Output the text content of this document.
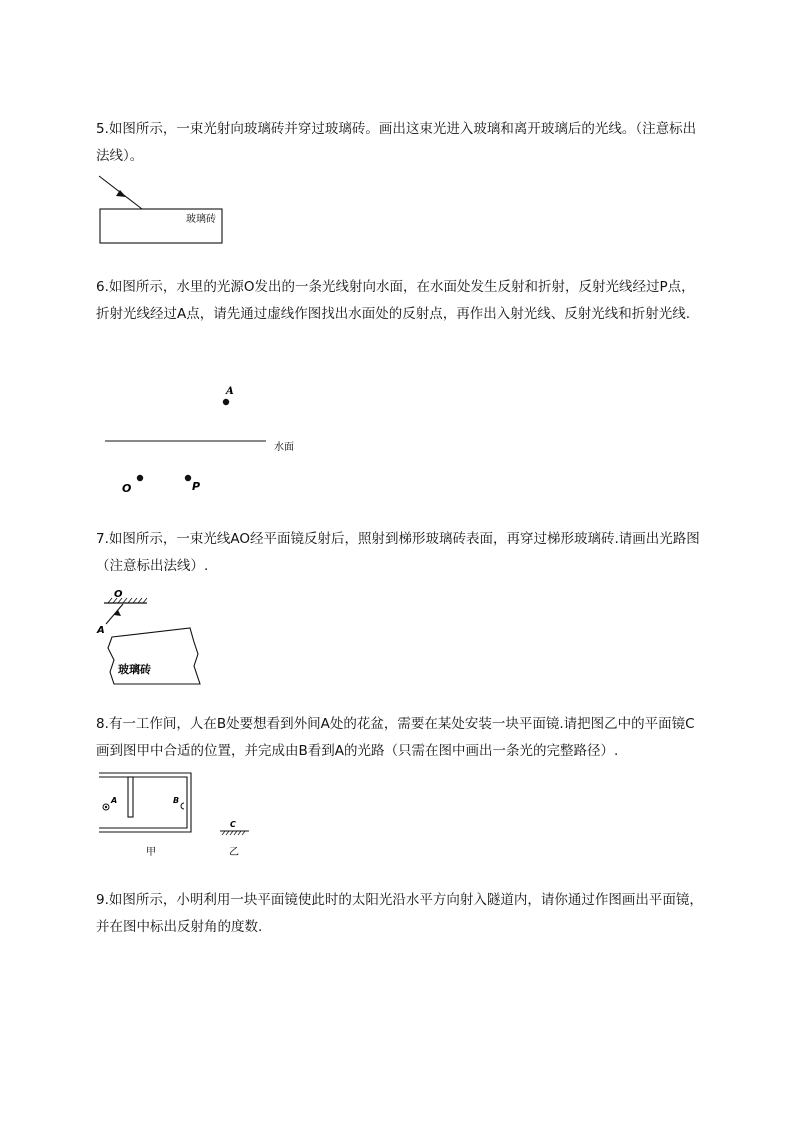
5.如图所示，一束光射向玻璃砖并穿过玻璃砖。画出这束光进入玻璃和离开玻璃后的光线。（注意标出法线）。
玻璃砖
6.如图所示，水里的光源O发出的一条光线射向水面，在水面处发生反射和折射，反射光线经过P点，折射光线经过A点，请先通过虚线作图找出水面处的反射点，再作出入射光线、反射光线和折射光线.
A
水面
O	P
7.如图所示，一束光线AO经平面镜反射后，照射到梯形玻璃砖表面，再穿过梯形玻璃砖.请画出光路图（注意标出法线）.
O
A
玻璃砖
8.有一工作间，人在B处要想看到外间A处的花盆，需要在某处安装一块平面镜.请把图乙中的平面镜C画到图甲中合适的位置，并完成由B看到A的光路（只需在图中画出一条光的完整路径）.
A	B
甲
C
乙
9.如图所示，小明利用一块平面镜使此时的太阳光沿水平方向射入隧道内，请你通过作图画出平面镜，并在图中标出反射角的度数.
